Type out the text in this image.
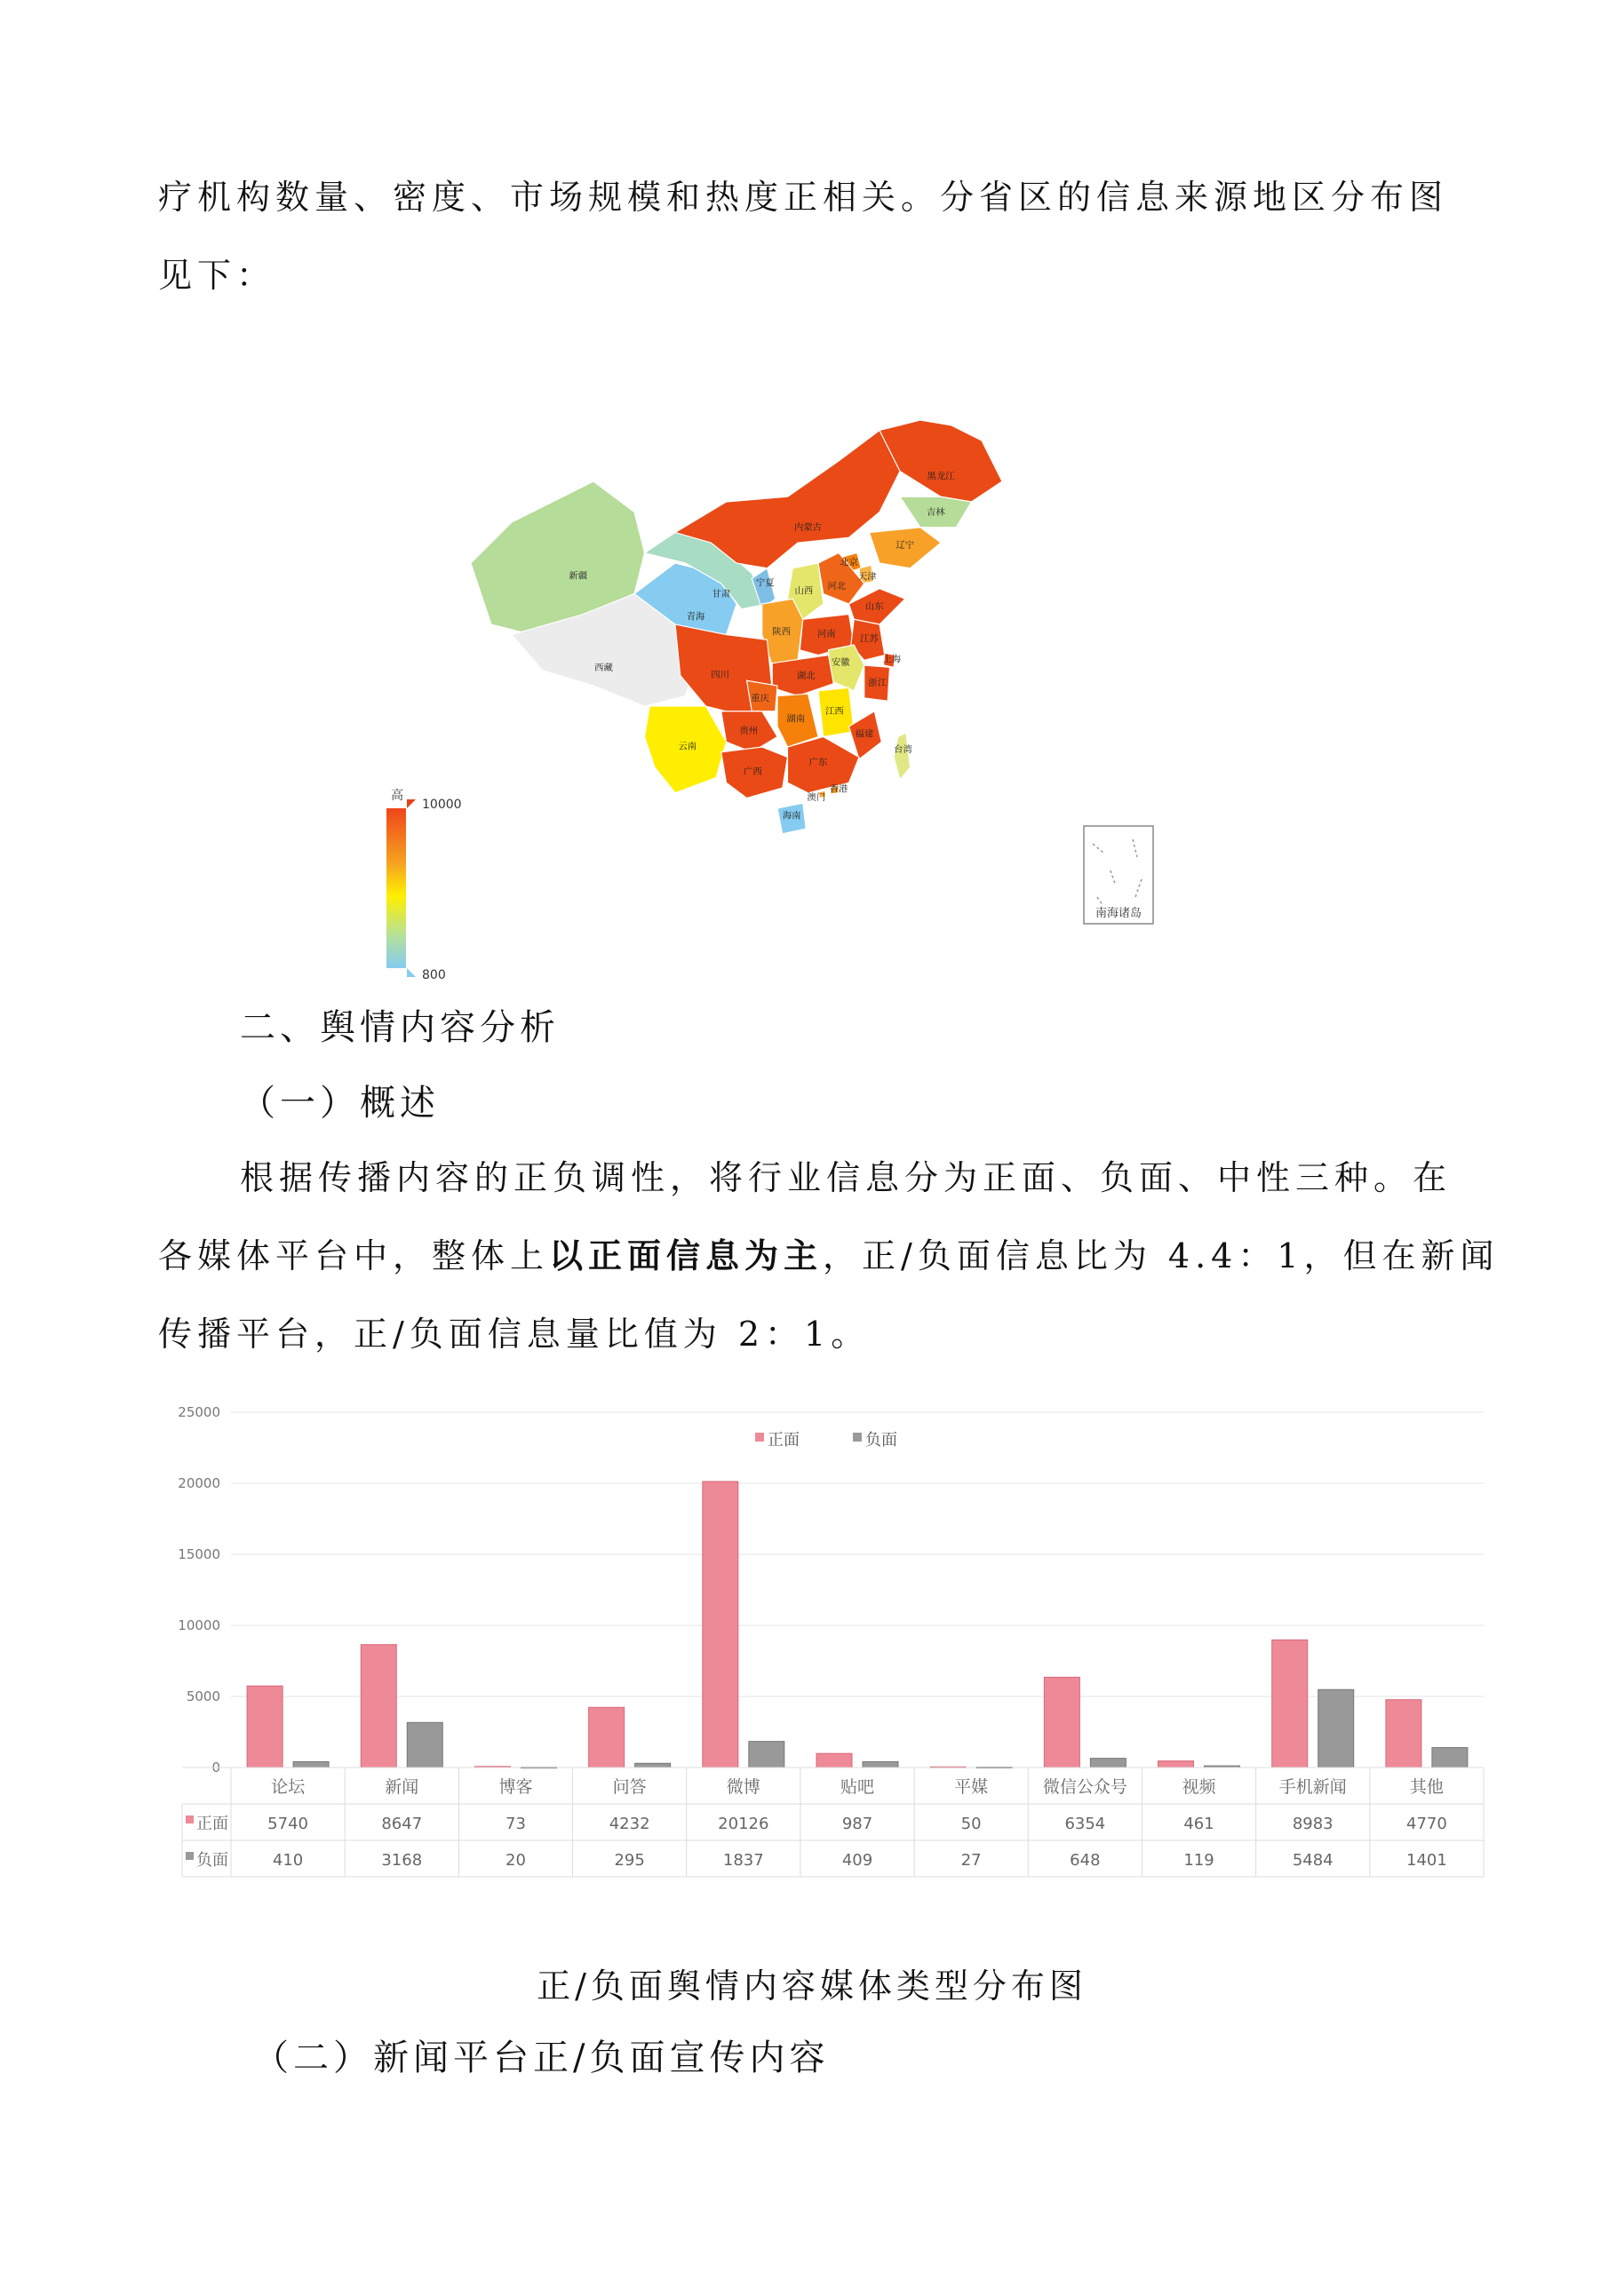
疗机构数量、密度、市场规模和热度正相关。分省区的信息来源地区分布图

见下：

新疆
西藏
青海
甘肃
宁夏
内蒙古
黑龙江
吉林
辽宁
北京
天津
河北
山西
山东
陕西	河南	江苏
安徽	上海
浙江
湖北
四川
重庆
湖南
江西
贵州
云南
福建
台湾
广西
广东
香港
澳门
海南
高
10000
800
南海诸岛

二、舆情内容分析

（一）概述

根据传播内容的正负调性，将行业信息分为正面、负面、中性三种。在

各媒体平台中，整体上以正面信息为主，正/负面信息比为 4.4：1，但在新闻

传播平台，正/负面信息量比值为 2：1。

0
5000
10000
15000
20000
25000
正面	负面
论坛	新闻	博客	问答	微博	贴吧	平媒	微信公众号	视频	手机新闻	其他
正面 5740	8647	73	4232	20126	987	50	6354	461	8983	4770
负面	410	3168	20	295	1837	409	27	648	119	5484	1401
正/负面舆情内容媒体类型分布图

（二）新闻平台正/负面宣传内容
